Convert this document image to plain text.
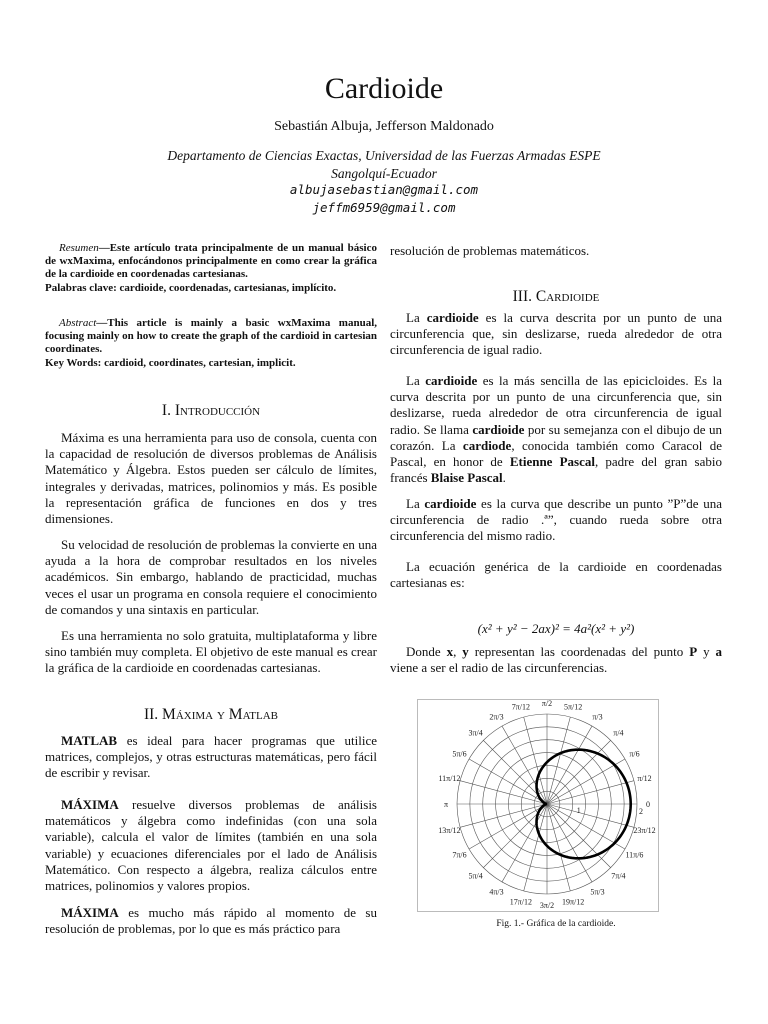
Cardioide
Sebastián Albuja, Jefferson Maldonado
Departamento de Ciencias Exactas, Universidad de las Fuerzas Armadas ESPE
Sangolquí-Ecuador
albujasebastian@gmail.com
jeffm6959@gmail.com

Resumen—Este artículo trata principalmente de un manual básico de wxMaxima, enfocándonos principalmente en como crear la gráfica de la cardioide en coordenadas cartesianas.
Palabras clave: cardioide, coordenadas, cartesianas, implícito.

Abstract—This article is mainly a basic wxMaxima manual, focusing mainly on how to create the graph of the cardioid in cartesian coordinates.
Key Words: cardioid, coordinates, cartesian, implicit.

I. Introducción

Máxima es una herramienta para uso de consola, cuenta con la capacidad de resolución de diversos problemas de Análisis Matemático y Álgebra. Estos pueden ser cálculo de límites, integrales y derivadas, matrices, polinomios y más. Es posible la representación gráfica de funciones en dos y tres dimensiones.

Su velocidad de resolución de problemas la convierte en una ayuda a la hora de comprobar resultados en los niveles académicos. Sin embargo, hablando de practicidad, muchas veces el usar un programa en consola requiere el conocimiento de comandos y una sintaxis en particular.

Es una herramienta no solo gratuita, multiplataforma y libre sino también muy completa. El objetivo de este manual es crear la gráfica de la cardioide en coordenadas cartesianas.

II. Máxima y Matlab

MATLAB es ideal para hacer programas que utilice matrices, complejos, y otras estructuras matemáticas, pero fácil de escribir y revisar.

MÁXIMA resuelve diversos problemas de análisis matemáticos y álgebra como indefinidas (con una sola variable), calcula el valor de límites (también en una sola variable) y ecuaciones diferenciales por el lado de Análisis Matemático. Con respecto a álgebra, realiza cálculos entre matrices, polinomios y valores propios.

MÁXIMA es mucho más rápido al momento de su resolución de problemas, por lo que es más práctico para

resolución de problemas matemáticos.

III. Cardioide

La cardioide es la curva descrita por un punto de una circunferencia que, sin deslizarse, rueda alrededor de otra circunferencia de igual radio.

La cardioide es la más sencilla de las epicicloides. Es la curva descrita por un punto de una circunferencia que, sin deslizarse, rueda alrededor de otra circunferencia de igual radio. Se llama cardioide por su semejanza con el dibujo de un corazón. La cardiode, conocida también como Caracol de Pascal, en honor de Etienne Pascal, padre del gran sabio francés Blaise Pascal.

La cardioide es la curva que describe un punto ”P”de una circunferencia de radio .ª”, cuando rueda sobre otra circunferencia del mismo radio.

La ecuación genérica de la cardioide en coordenadas cartesianas es:

(x² + y² − 2ax)² = 4a²(x² + y²)

Donde x, y representan las coordenadas del punto P y a viene a ser el radio de las circunferencias.

0
π/12
π/6
π/4
π/3
5π/12
π/2
7π/12
2π/3
3π/4
5π/6
11π/12
π
13π/12
7π/6
5π/4
4π/3
17π/12 3π/2 19π/12
5π/3
7π/4
11π/6
23π/12
1	2
Fig. 1.- Gráfica de la cardioide.
